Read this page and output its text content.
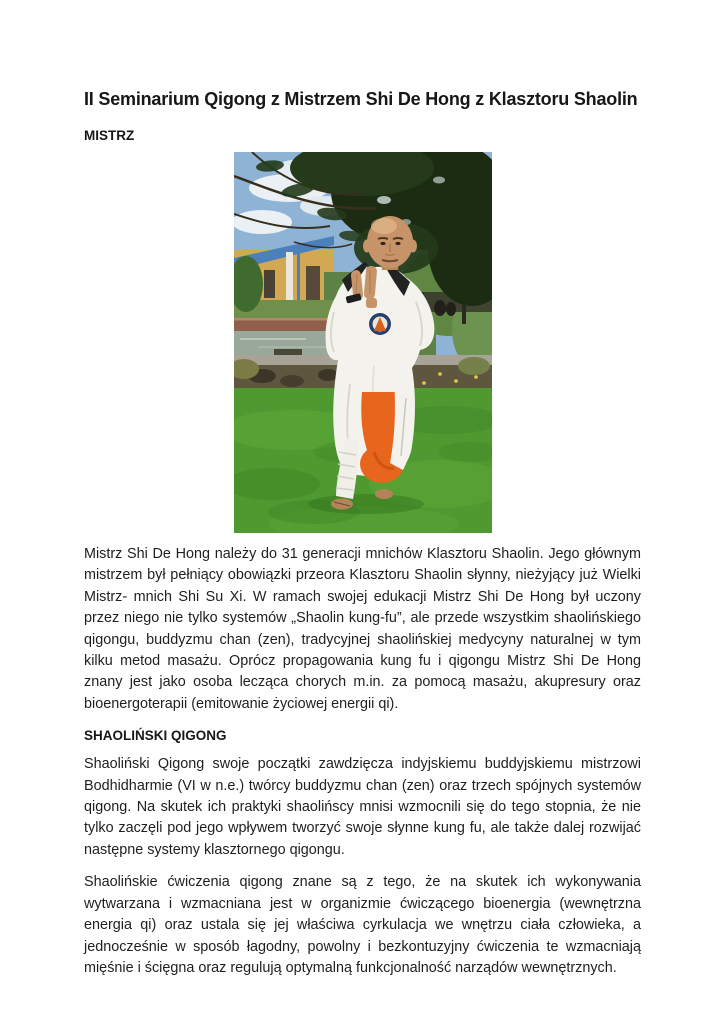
II Seminarium Qigong z Mistrzem Shi De Hong z Klasztoru Shaolin
MISTRZ

Mistrz Shi De Hong należy do 31 generacji mnichów Klasztoru Shaolin. Jego głównym mistrzem był pełniący obowiązki przeora Klasztoru Shaolin słynny, nieżyjący już Wielki Mistrz- mnich Shi Su Xi. W ramach swojej edukacji Mistrz Shi De Hong był uczony przez niego nie tylko systemów „Shaolin kung-fu”, ale przede wszystkim shaolińskiego qigongu, buddyzmu chan (zen), tradycyjnej shaolińskiej medycyny naturalnej w tym kilku metod masażu. Oprócz propagowania kung fu i qigongu Mistrz Shi De Hong znany jest jako osoba lecząca chorych m.in. za pomocą masażu, akupresury oraz bioenergoterapii (emitowanie życiowej energii qi).

SHAOLIŃSKI QIGONG

Shaoliński Qigong swoje początki zawdzięcza indyjskiemu buddyjskiemu mistrzowi Bodhidharmie (VI w n.e.) twórcy buddyzmu chan (zen) oraz trzech spójnych systemów qigong. Na skutek ich praktyki shaolińscy mnisi wzmocnili się do tego stopnia, że nie tylko zaczęli pod jego wpływem tworzyć swoje słynne kung fu, ale także dalej rozwijać następne systemy klasztornego qigongu.

Shaolińskie ćwiczenia qigong znane są z tego, że na skutek ich wykonywania wytwarzana i wzmacniana jest w organizmie ćwiczącego bioenergia (wewnętrzna energia qi) oraz ustala się jej właściwa cyrkulacja we wnętrzu ciała człowieka, a jednocześnie w sposób łagodny, powolny i bezkontuzyjny ćwiczenia te wzmacniają mięśnie i ścięgna oraz regulują optymalną funkcjonalność narządów wewnętrznych.
